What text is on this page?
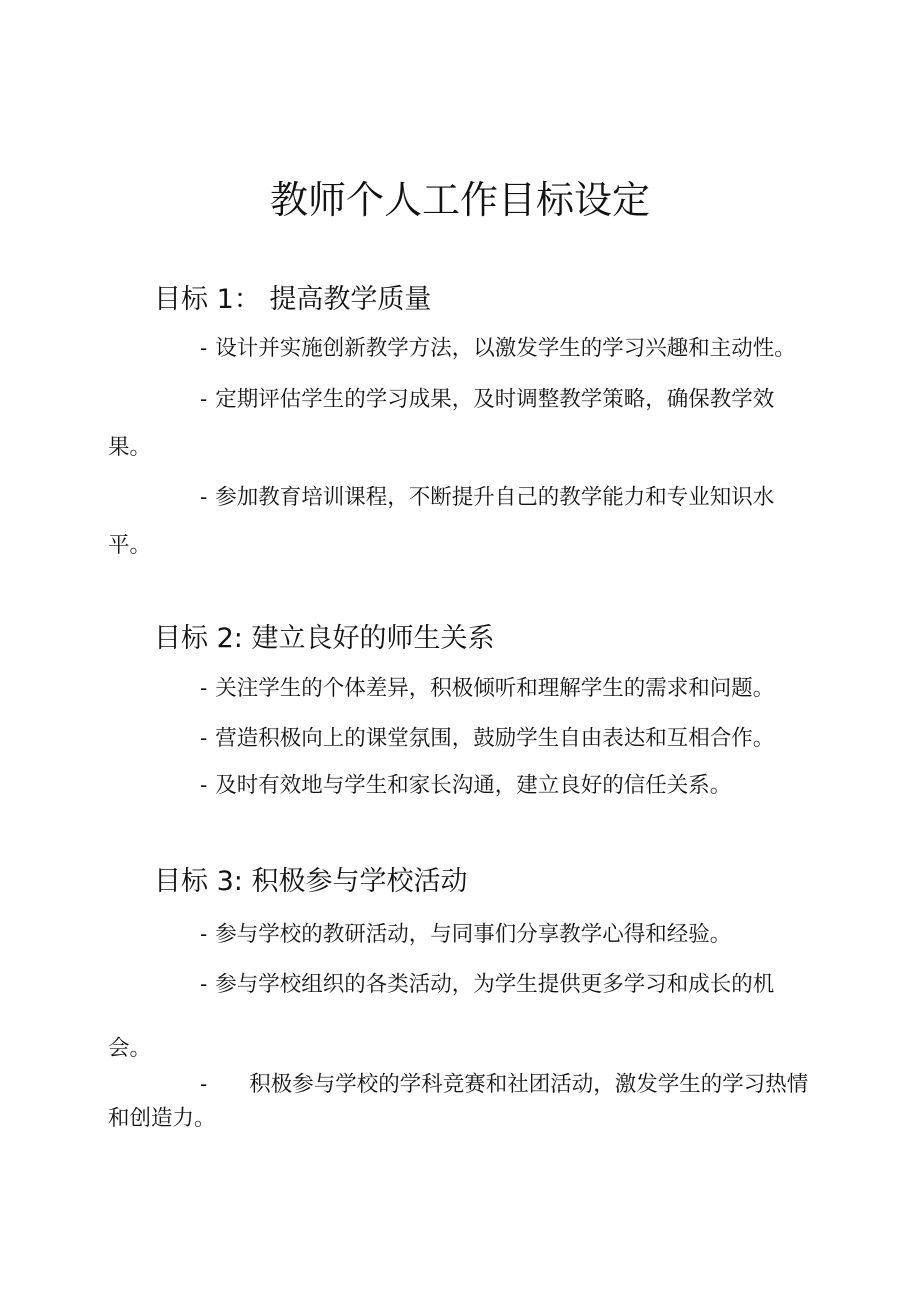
教师个人工作目标设定
目标 1： 提高教学质量
- 设计并实施创新教学方法，以激发学生的学习兴趣和主动性。
- 定期评估学生的学习成果，及时调整教学策略，确保教学效果。
- 参加教育培训课程，不断提升自己的教学能力和专业知识水平。
目标 2: 建立良好的师生关系
- 关注学生的个体差异，积极倾听和理解学生的需求和问题。
- 营造积极向上的课堂氛围，鼓励学生自由表达和互相合作。
- 及时有效地与学生和家长沟通，建立良好的信任关系。
目标 3: 积极参与学校活动
- 参与学校的教研活动，与同事们分享教学心得和经验。
- 参与学校组织的各类活动，为学生提供更多学习和成长的机会。
- 积极参与学校的学科竞赛和社团活动，激发学生的学习热情和创造力。
